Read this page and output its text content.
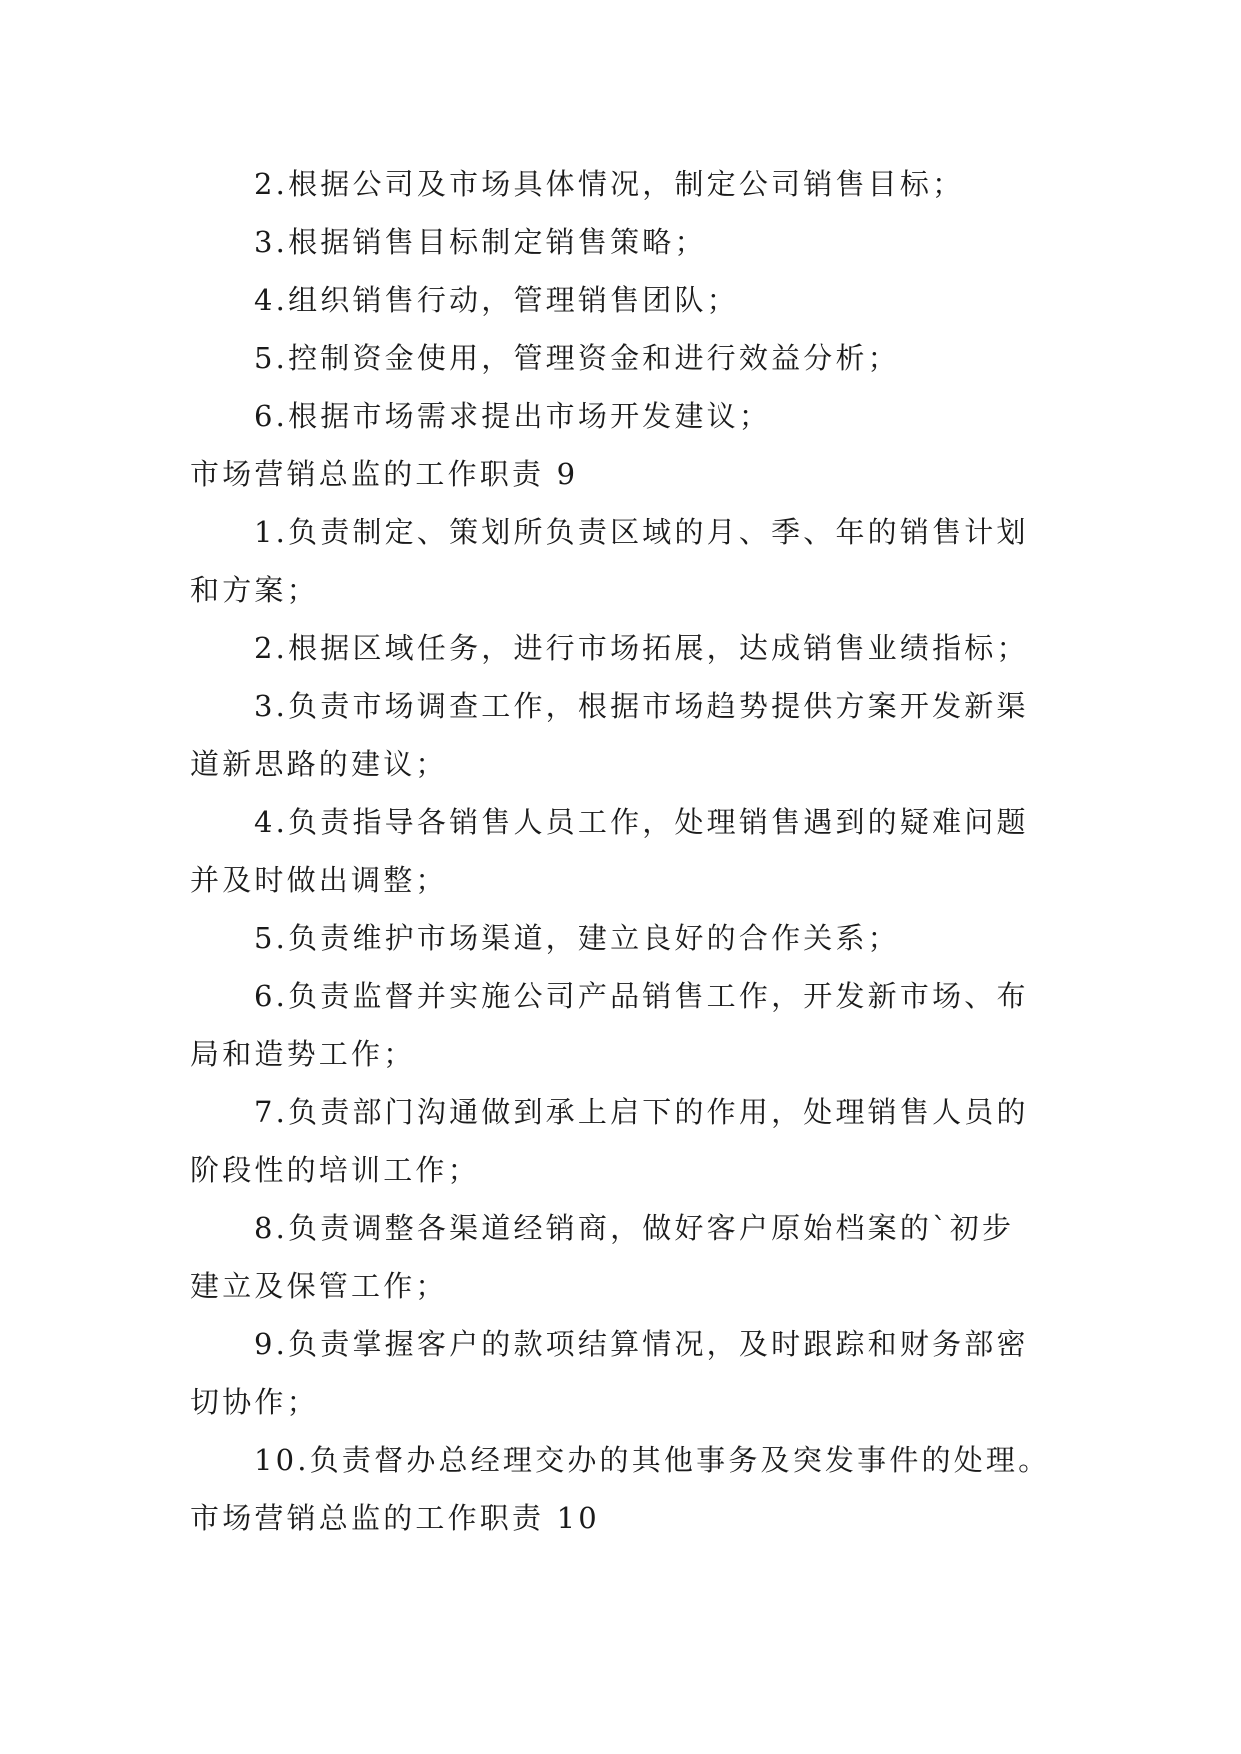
2.根据公司及市场具体情况，制定公司销售目标；
3.根据销售目标制定销售策略；
4.组织销售行动，管理销售团队；
5.控制资金使用，管理资金和进行效益分析；
6.根据市场需求提出市场开发建议；
市场营销总监的工作职责 9
1.负责制定、策划所负责区域的月、季、年的销售计划
和方案；
2.根据区域任务，进行市场拓展，达成销售业绩指标；
3.负责市场调查工作，根据市场趋势提供方案开发新渠
道新思路的建议；
4.负责指导各销售人员工作，处理销售遇到的疑难问题
并及时做出调整；
5.负责维护市场渠道，建立良好的合作关系；
6.负责监督并实施公司产品销售工作，开发新市场、布
局和造势工作；
7.负责部门沟通做到承上启下的作用，处理销售人员的
阶段性的培训工作；
8.负责调整各渠道经销商，做好客户原始档案的`初步
建立及保管工作；
9.负责掌握客户的款项结算情况，及时跟踪和财务部密
切协作；
10.负责督办总经理交办的其他事务及突发事件的处理。
市场营销总监的工作职责 10
